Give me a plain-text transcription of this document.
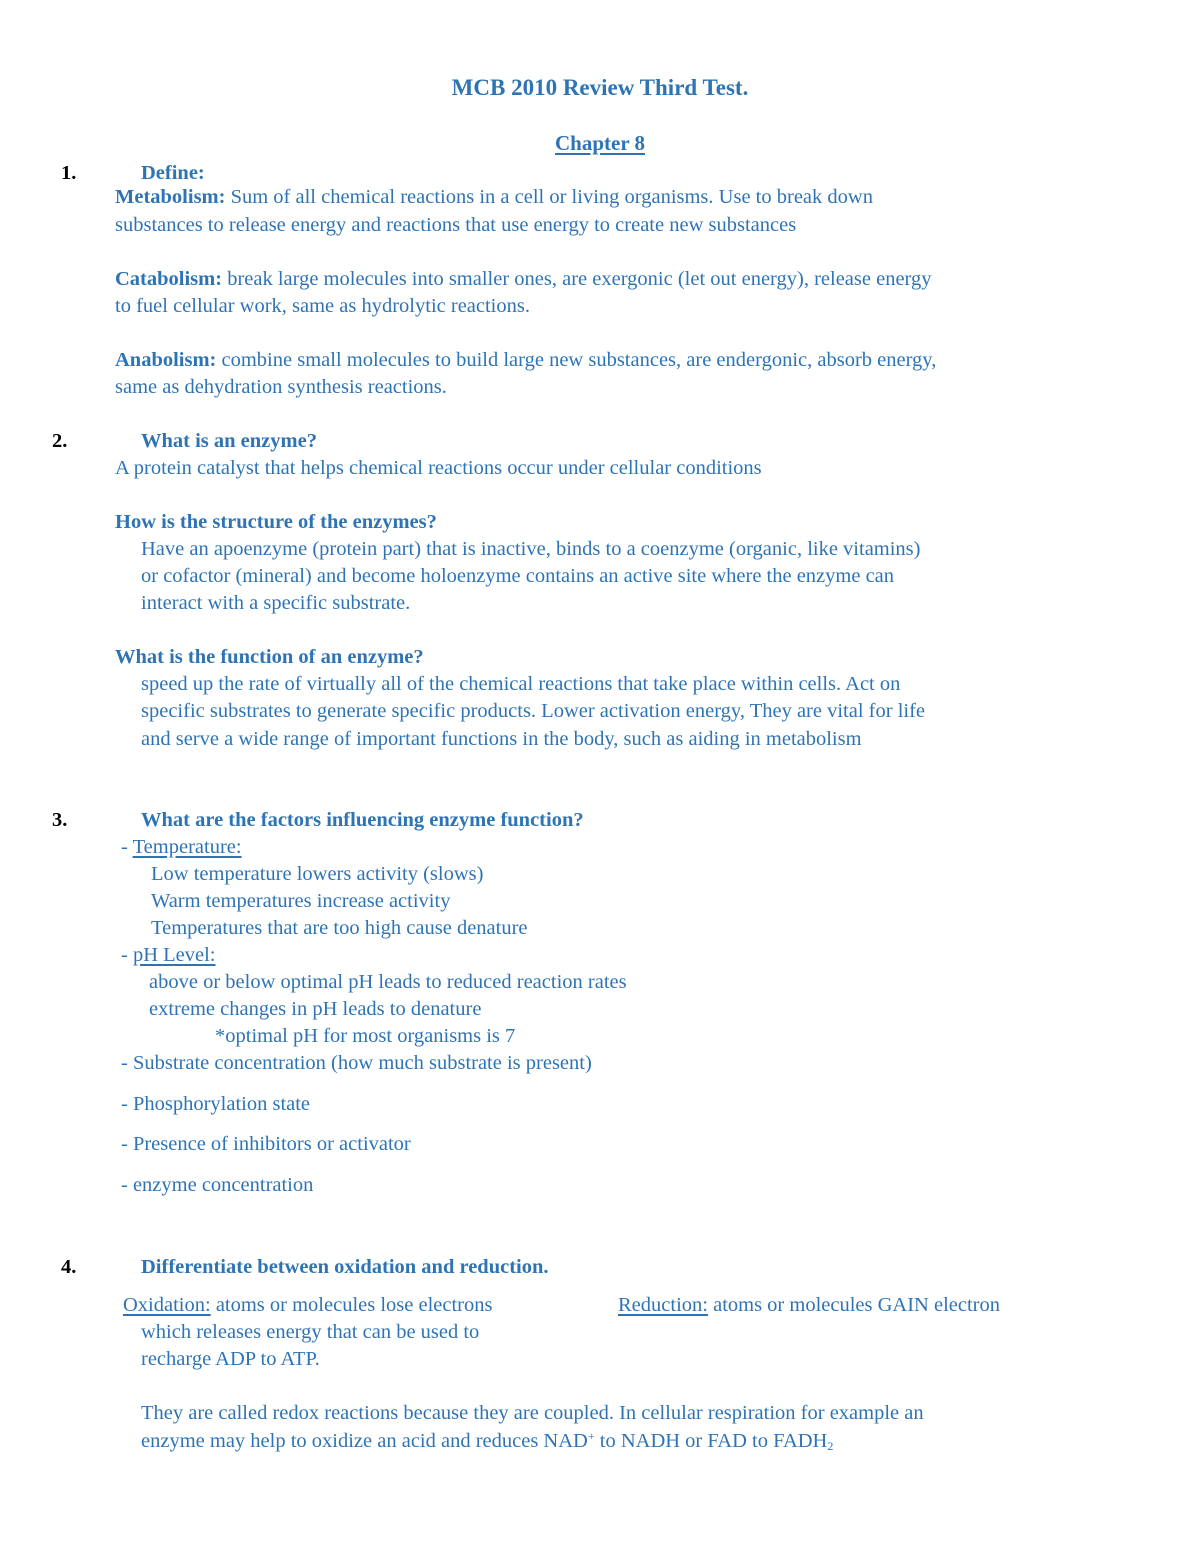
MCB 2010 Review Third Test.
Chapter 8
1.	Define:
Metabolism: Sum of all chemical reactions in a cell or living organisms. Use to break down
substances to release energy and reactions that use energy to create new substances
Catabolism: break large molecules into smaller ones, are exergonic (let out energy), release energy
to fuel cellular work, same as hydrolytic reactions.
Anabolism: combine small molecules to build large new substances, are endergonic, absorb energy,
same as dehydration synthesis reactions.
2.	What is an enzyme?
A protein catalyst that helps chemical reactions occur under cellular conditions
How is the structure of the enzymes?
Have an apoenzyme (protein part) that is inactive, binds to a coenzyme (organic, like vitamins)
or cofactor (mineral) and become holoenzyme contains an active site where the enzyme can
interact with a specific substrate.
What is the function of an enzyme?
speed up the rate of virtually all of the chemical reactions that take place within cells. Act on
specific substrates to generate specific products. Lower activation energy, They are vital for life
and serve a wide range of important functions in the body, such as aiding in metabolism
3.	What are the factors influencing enzyme function?
- Temperature:
Low temperature lowers activity (slows)
Warm temperatures increase activity
Temperatures that are too high cause denature
- pH Level:
above or below optimal pH leads to reduced reaction rates
extreme changes in pH leads to denature
*optimal pH for most organisms is 7
- Substrate concentration (how much substrate is present)
- Phosphorylation state
- Presence of inhibitors or activator
- enzyme concentration
4.	Differentiate between oxidation and reduction.
Oxidation: atoms or molecules lose electrons
which releases energy that can be used to
recharge ADP to ATP.
Reduction: atoms or molecules GAIN electron
They are called redox reactions because they are coupled. In cellular respiration for example an
enzyme may help to oxidize an acid and reduces NAD+ to NADH or FAD to $FADH_2$
